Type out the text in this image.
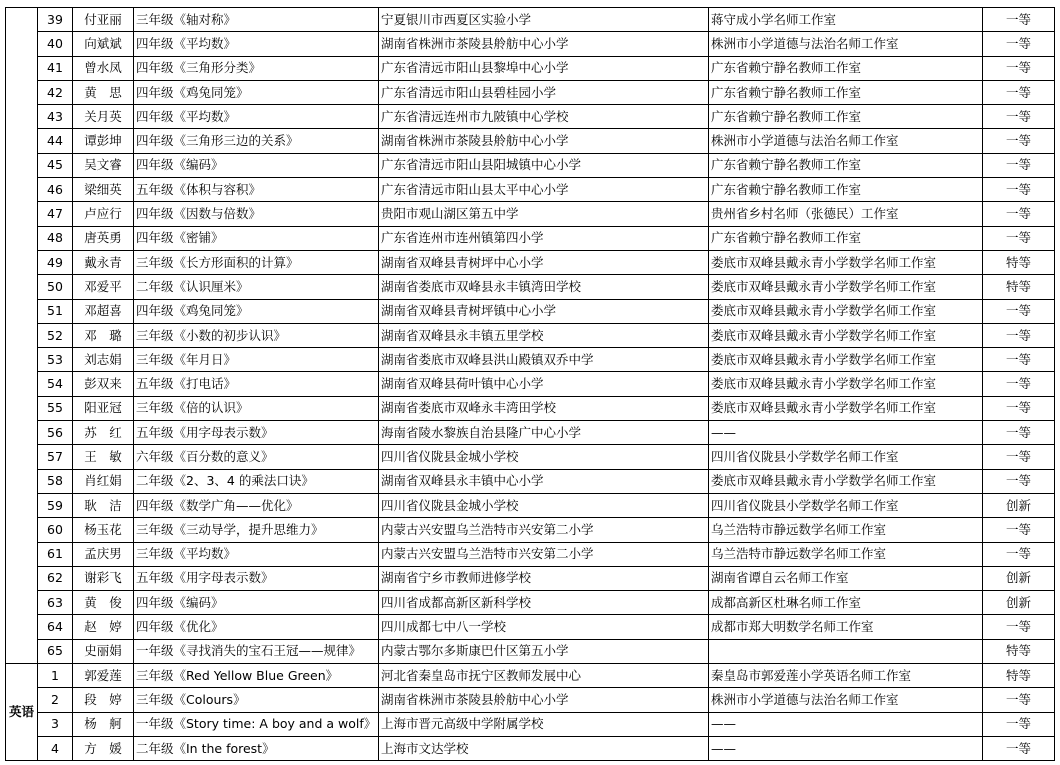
	39	付亚丽	三年级《轴对称》	宁夏银川市西夏区实验小学	蒋守成小学名师工作室	一等
	40	向斌斌	四年级《平均数》	湖南省株洲市茶陵县舲舫中心小学	株洲市小学道德与法治名师工作室	一等
	41	曾水凤	四年级《三角形分类》	广东省清远市阳山县黎埠中心小学	广东省赖宁静名教师工作室	一等
	42	黄　思	四年级《鸡兔同笼》	广东省清远市阳山县碧桂园小学	广东省赖宁静名教师工作室	一等
	43	关月英	四年级《平均数》	广东省清远连州市九陂镇中心学校	广东省赖宁静名教师工作室	一等
	44	谭彭坤	四年级《三角形三边的关系》	湖南省株洲市茶陵县舲舫中心小学	株洲市小学道德与法治名师工作室	一等
	45	吴文睿	四年级《编码》	广东省清远市阳山县阳城镇中心小学	广东省赖宁静名教师工作室	一等
	46	梁细英	五年级《体积与容积》	广东省清远市阳山县太平中心小学	广东省赖宁静名教师工作室	一等
	47	卢应行	四年级《因数与倍数》	贵阳市观山湖区第五中学	贵州省乡村名师（张德民）工作室	一等
	48	唐英勇	四年级《密铺》	广东省连州市连州镇第四小学	广东省赖宁静名教师工作室	一等
	49	戴永青	三年级《长方形面积的计算》	湖南省双峰县青树坪中心小学	娄底市双峰县戴永青小学数学名师工作室	特等
	50	邓爱平	二年级《认识厘米》	湖南省娄底市双峰县永丰镇湾田学校	娄底市双峰县戴永青小学数学名师工作室	特等
	51	邓超喜	四年级《鸡兔同笼》	湖南省双峰县青树坪镇中心小学	娄底市双峰县戴永青小学数学名师工作室	一等
	52	邓　璐	三年级《小数的初步认识》	湖南省双峰县永丰镇五里学校	娄底市双峰县戴永青小学数学名师工作室	一等
	53	刘志娟	三年级《年月日》	湖南省娄底市双峰县洪山殿镇双乔中学	娄底市双峰县戴永青小学数学名师工作室	一等
	54	彭双来	五年级《打电话》	湖南省双峰县荷叶镇中心小学	娄底市双峰县戴永青小学数学名师工作室	一等
	55	阳亚冠	三年级《倍的认识》	湖南省娄底市双峰永丰湾田学校	娄底市双峰县戴永青小学数学名师工作室	一等
	56	苏　红	五年级《用字母表示数》	海南省陵水黎族自治县隆广中心小学	——	一等
	57	王　敏	六年级《百分数的意义》	四川省仪陇县金城小学校	四川省仪陇县小学数学名师工作室	一等
	58	肖红娟	二年级《2、3、4 的乘法口诀》	湖南省双峰县永丰镇中心小学	娄底市双峰县戴永青小学数学名师工作室	一等
	59	耿　洁	四年级《数学广角——优化》	四川省仪陇县金城小学校	四川省仪陇县小学数学名师工作室	创新
	60	杨玉花	三年级《三动导学，提升思维力》	内蒙古兴安盟乌兰浩特市兴安第二小学	乌兰浩特市静远数学名师工作室	一等
	61	孟庆男	三年级《平均数》	内蒙古兴安盟乌兰浩特市兴安第二小学	乌兰浩特市静远数学名师工作室	一等
	62	谢彩飞	五年级《用字母表示数》	湖南省宁乡市教师进修学校	湖南省谭自云名师工作室	创新
	63	黄　俊	四年级《编码》	四川省成都高新区新科学校	成都高新区杜琳名师工作室	创新
	64	赵　婷	四年级《优化》	四川成都七中八一学校	成都市郑大明数学名师工作室	一等
	65	史丽娟	一年级《寻找消失的宝石王冠——规律》	内蒙古鄂尔多斯康巴什区第五小学		特等
英语	1	郭爱莲	三年级《Red Yellow Blue Green》	河北省秦皇岛市抚宁区教师发展中心	秦皇岛市郭爱莲小学英语名师工作室	特等
	2	段　婷	三年级《Colours》	湖南省株洲市茶陵县舲舫中心小学	株洲市小学道德与法治名师工作室	一等
	3	杨　舸	一年级《Story time: A boy and a wolf》	上海市晋元高级中学附属学校	——	一等
	4	方　媛	二年级《In the forest》	上海市文达学校	——	一等
